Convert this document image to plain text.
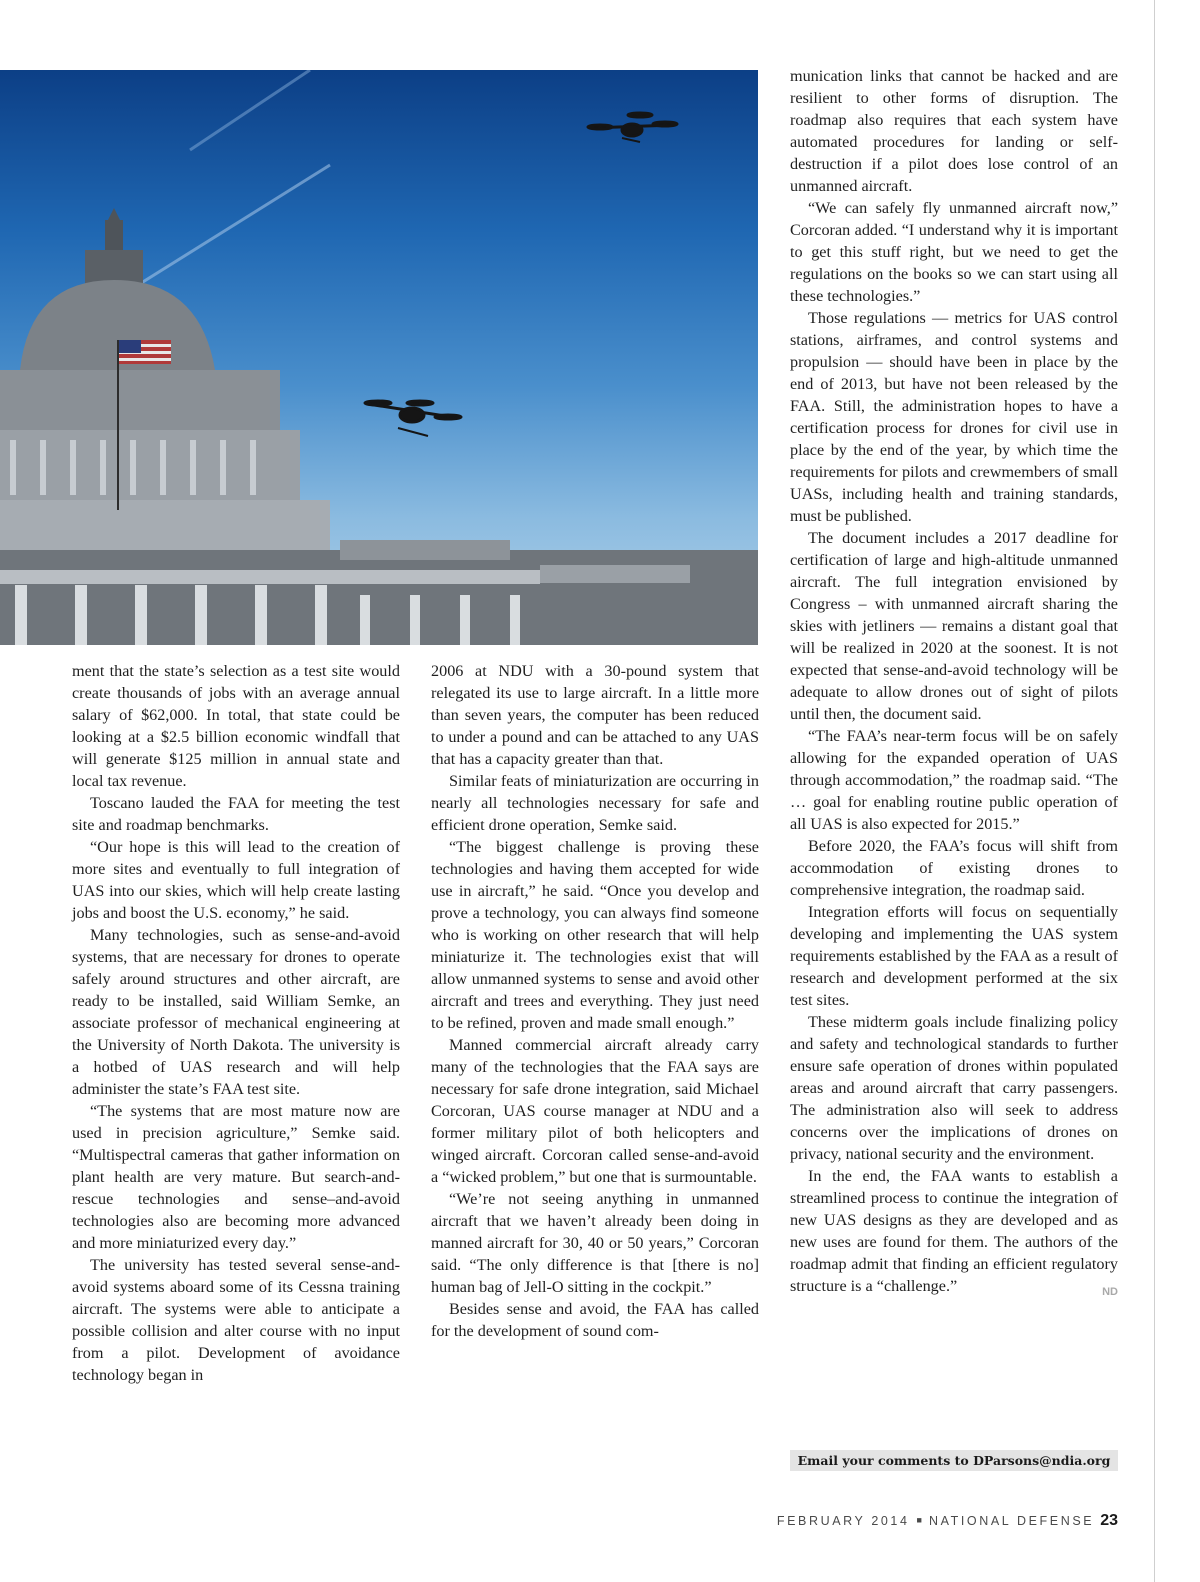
ment that the state’s selection as a test site would create thousands of jobs with an average annual salary of $62,000. In total, that state could be looking at a $2.5 billion economic windfall that will generate $125 million in annual state and local tax revenue.

Toscano lauded the FAA for meeting the test site and roadmap benchmarks.

“Our hope is this will lead to the creation of more sites and eventually to full integration of UAS into our skies, which will help create lasting jobs and boost the U.S. economy,” he said.

Many technologies, such as sense-and-avoid systems, that are necessary for drones to operate safely around structures and other aircraft, are ready to be installed, said William Semke, an associate professor of mechanical engineering at the University of North Dakota. The university is a hotbed of UAS research and will help administer the state’s FAA test site.

“The systems that are most mature now are used in precision agriculture,” Semke said. “Multispectral cameras that gather information on plant health are very mature. But search-and-rescue technologies and sense–and-avoid technologies also are becoming more advanced and more miniaturized every day.”

The university has tested several sense-and-avoid systems aboard some of its Cessna training aircraft. The systems were able to anticipate a possible collision and alter course with no input from a pilot. Development of avoidance technology began in

2006 at NDU with a 30-pound system that relegated its use to large aircraft. In a little more than seven years, the computer has been reduced to under a pound and can be attached to any UAS that has a capacity greater than that.

Similar feats of miniaturization are occurring in nearly all technologies necessary for safe and efficient drone operation, Semke said.

“The biggest challenge is proving these technologies and having them accepted for wide use in aircraft,” he said. “Once you develop and prove a technology, you can always find someone who is working on other research that will help miniaturize it. The technologies exist that will allow unmanned systems to sense and avoid other aircraft and trees and everything. They just need to be refined, proven and made small enough.”

Manned commercial aircraft already carry many of the technologies that the FAA says are necessary for safe drone integration, said Michael Corcoran, UAS course manager at NDU and a former military pilot of both helicopters and winged aircraft. Corcoran called sense-and-avoid a “wicked problem,” but one that is surmountable.

“We’re not seeing anything in unmanned aircraft that we haven’t already been doing in manned aircraft for 30, 40 or 50 years,” Corcoran said. “The only difference is that [there is no] human bag of Jell-O sitting in the cockpit.”

Besides sense and avoid, the FAA has called for the development of sound com-

munication links that cannot be hacked and are resilient to other forms of disruption. The roadmap also requires that each system have automated procedures for landing or self-destruction if a pilot does lose control of an unmanned aircraft.

“We can safely fly unmanned aircraft now,” Corcoran added. “I understand why it is important to get this stuff right, but we need to get the regulations on the books so we can start using all these technologies.”

Those regulations — metrics for UAS control stations, airframes, and control systems and propulsion — should have been in place by the end of 2013, but have not been released by the FAA. Still, the administration hopes to have a certification process for drones for civil use in place by the end of the year, by which time the requirements for pilots and crewmembers of small UASs, including health and training standards, must be published.

The document includes a 2017 deadline for certification of large and high-altitude unmanned aircraft. The full integration envisioned by Congress – with unmanned aircraft sharing the skies with jetliners — remains a distant goal that will be realized in 2020 at the soonest. It is not expected that sense-and-avoid technology will be adequate to allow drones out of sight of pilots until then, the document said.

“The FAA’s near-term focus will be on safely allowing for the expanded operation of UAS through accommodation,” the roadmap said. “The … goal for enabling routine public operation of all UAS is also expected for 2015.”

Before 2020, the FAA’s focus will shift from accommodation of existing drones to comprehensive integration, the roadmap said.

Integration efforts will focus on sequentially developing and implementing the UAS system requirements established by the FAA as a result of research and development performed at the six test sites.

These midterm goals include finalizing policy and safety and technological standards to further ensure safe operation of drones within populated areas and around aircraft that carry passengers. The administration also will seek to address concerns over the implications of drones on privacy, national security and the environment.

In the end, the FAA wants to establish a streamlined process to continue the integration of new UAS designs as they are developed and as new uses are found for them. The authors of the roadmap admit that finding an efficient regulatory structure is a “challenge.”	ND

Email your comments to DParsons@ndia.org
FEBRUARY 2014 ■ NATIONAL DEFENSE 23
